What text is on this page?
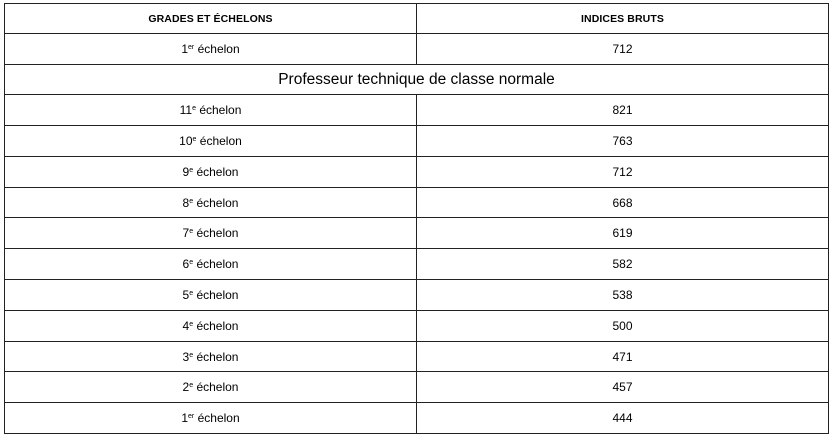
GRADES ET ÉCHELONS	INDICES BRUTS
1er échelon	712
Professeur technique de classe normale	
11e échelon	821
10e échelon	763
9e échelon	712
8e échelon	668
7e échelon	619
6e échelon	582
5e échelon	538
4e échelon	500
3e échelon	471
2e échelon	457
1er échelon	444
